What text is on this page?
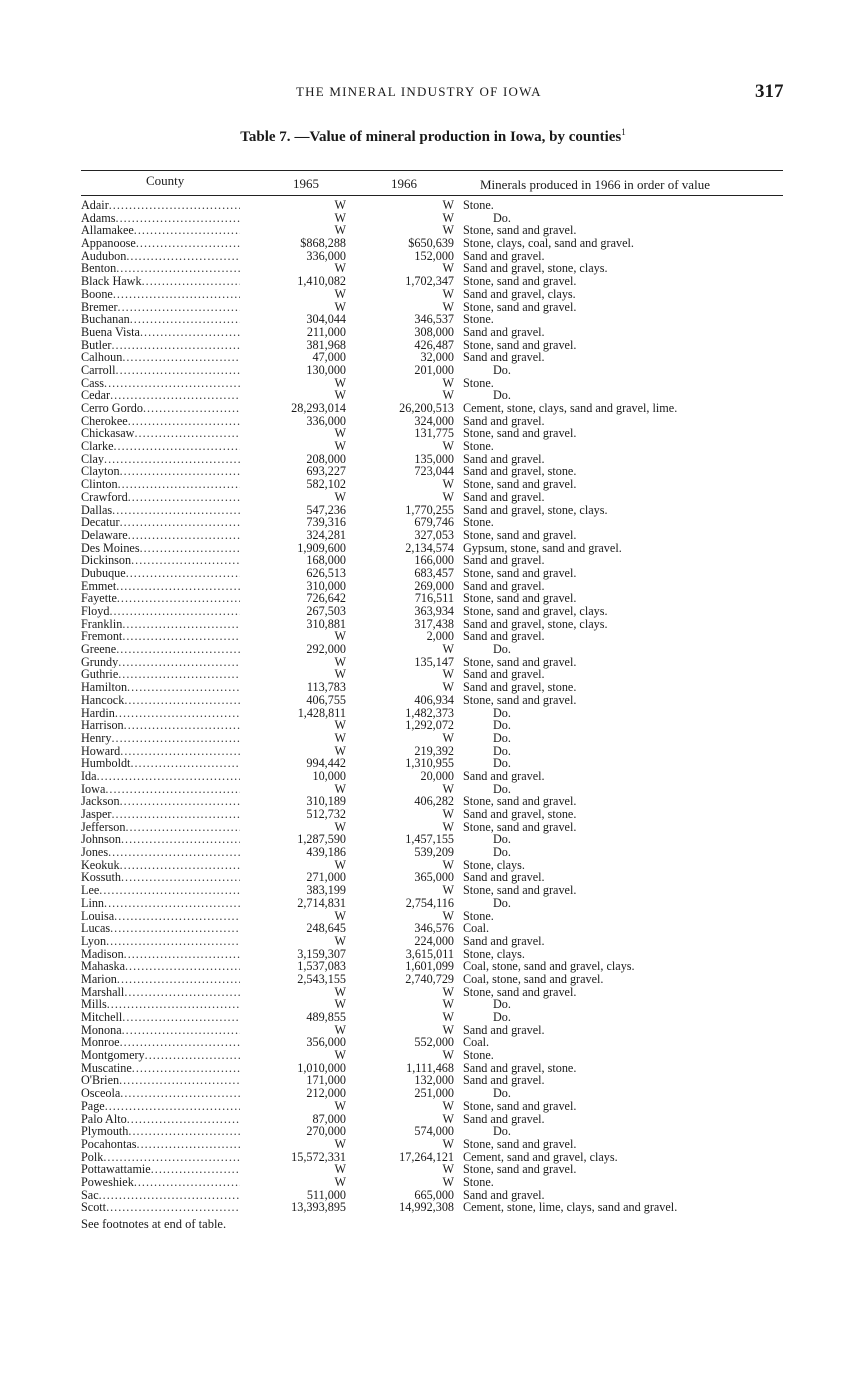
THE MINERAL INDUSTRY OF IOWA	317
Table 7. —Value of mineral production in Iowa, by counties$^1$
County	1965	1966	Minerals produced in 1966 in order of value
Adair .....	W	W Stone.
Adams .....	W	W	Do.
Allamakee .....	W	W Stone, sand and gravel.
Appanoose .....	$868,288	$650,639 Stone, clays, coal, sand and gravel.
Audubon .....	336,000	152,000 Sand and gravel.
Benton .....	W	W Sand and gravel, stone, clays.
Black Hawk .....	1,410,082	1,702,347 Stone, sand and gravel.
Boone .....	W	W Sand and gravel, clays.
Bremer .....	W	W Stone, sand and gravel.
Buchanan .....	304,044	346,537 Stone.
Buena Vista .....	211,000	308,000 Sand and gravel.
Butler .....	381,968	426,487 Stone, sand and gravel.
Calhoun .....	47,000	32,000 Sand and gravel.
Carroll .....	130,000	201,000	Do.
Cass .....	W	W Stone.
Cedar .....	W	W	Do.
Cerro Gordo .....	28,293,014	26,200,513 Cement, stone, clays, sand and gravel, lime.
Cherokee .....	336,000	324,000 Sand and gravel.
Chickasaw .....	W	131,775 Stone, sand and gravel.
Clarke .....	W	W Stone.
Clay .....	208,000	135,000 Sand and gravel.
Clayton .....	693,227	723,044 Sand and gravel, stone.
Clinton .....	582,102	W Stone, sand and gravel.
Crawford .....	W	W Sand and gravel.
Dallas .....	547,236	1,770,255 Sand and gravel, stone, clays.
Decatur .....	739,316	679,746 Stone.
Delaware .....	324,281	327,053 Stone, sand and gravel.
Des Moines .....	1,909,600	2,134,574 Gypsum, stone, sand and gravel.
Dickinson .....	168,000	166,000 Sand and gravel.
Dubuque .....	626,513	683,457 Stone, sand and gravel.
Emmet .....	310,000	269,000 Sand and gravel.
Fayette .....	726,642	716,511 Stone, sand and gravel.
Floyd .....	267,503	363,934 Stone, sand and gravel, clays.
Franklin .....	310,881	317,438 Sand and gravel, stone, clays.
Fremont .....	W	2,000 Sand and gravel.
Greene .....	292,000	W	Do.
Grundy .....	W	135,147 Stone, sand and gravel.
Guthrie .....	W	W Sand and gravel.
Hamilton .....	113,783	W Sand and gravel, stone.
Hancock .....	406,755	406,934 Stone, sand and gravel.
Hardin .....	1,428,811	1,482,373	Do.
Harrison .....	W	1,292,072	Do.
Henry .....	W	W	Do.
Howard .....	W	219,392	Do.
Humboldt .....	994,442	1,310,955	Do.
Ida .....	10,000	20,000 Sand and gravel.
Iowa .....	W	W	Do.
Jackson .....	310,189	406,282 Stone, sand and gravel.
Jasper .....	512,732	W Sand and gravel, stone.
Jefferson .....	W	W Stone, sand and gravel.
Johnson .....	1,287,590	1,457,155	Do.
Jones .....	439,186	539,209	Do.
Keokuk .....	W	W Stone, clays.
Kossuth .....	271,000	365,000 Sand and gravel.
Lee .....	383,199	W Stone, sand and gravel.
Linn .....	2,714,831	2,754,116	Do.
Louisa .....	W	W Stone.
Lucas .....	248,645	346,576 Coal.
Lyon .....	W	224,000 Sand and gravel.
Madison .....	3,159,307	3,615,011 Stone, clays.
Mahaska .....	1,537,083	1,601,099 Coal, stone, sand and gravel, clays.
Marion .....	2,543,155	2,740,729 Coal, stone, sand and gravel.
Marshall .....	W	W Stone, sand and gravel.
Mills .....	W	W	Do.
Mitchell .....	489,855	W	Do.
Monona .....	W	W Sand and gravel.
Monroe .....	356,000	552,000 Coal.
Montgomery .....	W	W Stone.
Muscatine .....	1,010,000	1,111,468 Sand and gravel, stone.
O'Brien .....	171,000	132,000 Sand and gravel.
Osceola .....	212,000	251,000	Do.
Page .....	W	W Stone, sand and gravel.
Palo Alto .....	87,000	W Sand and gravel.
Plymouth .....	270,000	574,000	Do.
Pocahontas .....	W	W Stone, sand and gravel.
Polk .....	15,572,331	17,264,121 Cement, sand and gravel, clays.
Pottawattamie .....	W	W Stone, sand and gravel.
Poweshiek .....	W	W Stone.
Sac .....	511,000	665,000 Sand and gravel.
Scott .....	13,393,895	14,992,308 Cement, stone, lime, clays, sand and gravel.
See footnotes at end of table.
